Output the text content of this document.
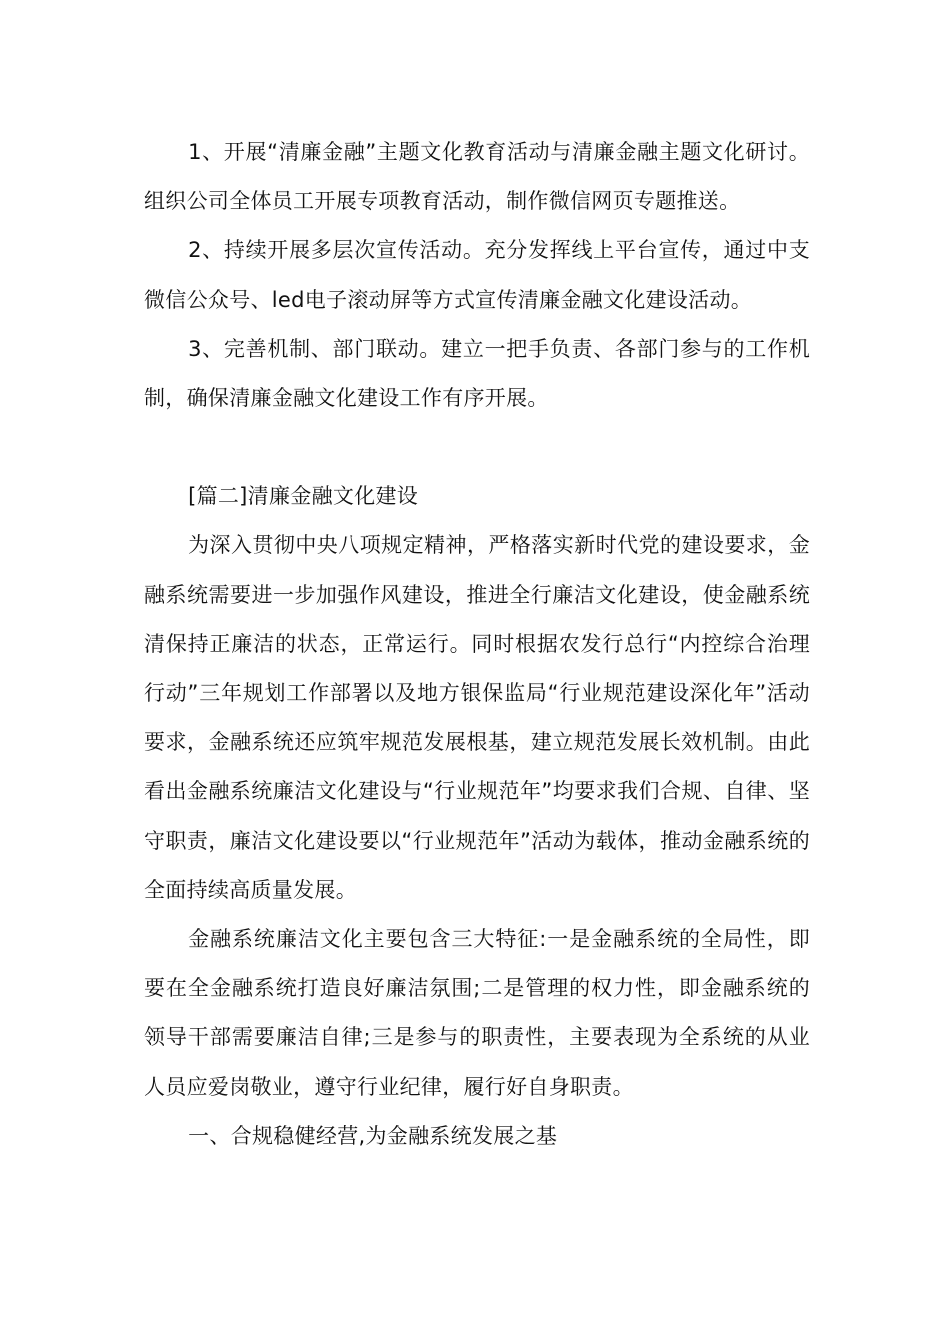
1、开展“清廉金融”主题文化教育活动与清廉金融主题文化研讨。组织公司全体员工开展专项教育活动，制作微信网页专题推送。

2、持续开展多层次宣传活动。充分发挥线上平台宣传，通过中支微信公众号、led电子滚动屏等方式宣传清廉金融文化建设活动。

3、完善机制、部门联动。建立一把手负责、各部门参与的工作机制，确保清廉金融文化建设工作有序开展。

[篇二]清廉金融文化建设

为深入贯彻中央八项规定精神，严格落实新时代党的建设要求，金融系统需要进一步加强作风建设，推进全行廉洁文化建设，使金融系统清保持正廉洁的状态，正常运行。同时根据农发行总行“内控综合治理行动”三年规划工作部署以及地方银保监局“行业规范建设深化年”活动要求，金融系统还应筑牢规范发展根基，建立规范发展长效机制。由此看出金融系统廉洁文化建设与“行业规范年”均要求我们合规、自律、坚守职责，廉洁文化建设要以“行业规范年”活动为载体，推动金融系统的全面持续高质量发展。

金融系统廉洁文化主要包含三大特征:一是金融系统的全局性，即要在全金融系统打造良好廉洁氛围;二是管理的权力性，即金融系统的领导干部需要廉洁自律;三是参与的职责性，主要表现为全系统的从业人员应爱岗敬业，遵守行业纪律，履行好自身职责。

一、合规稳健经营,为金融系统发展之基
